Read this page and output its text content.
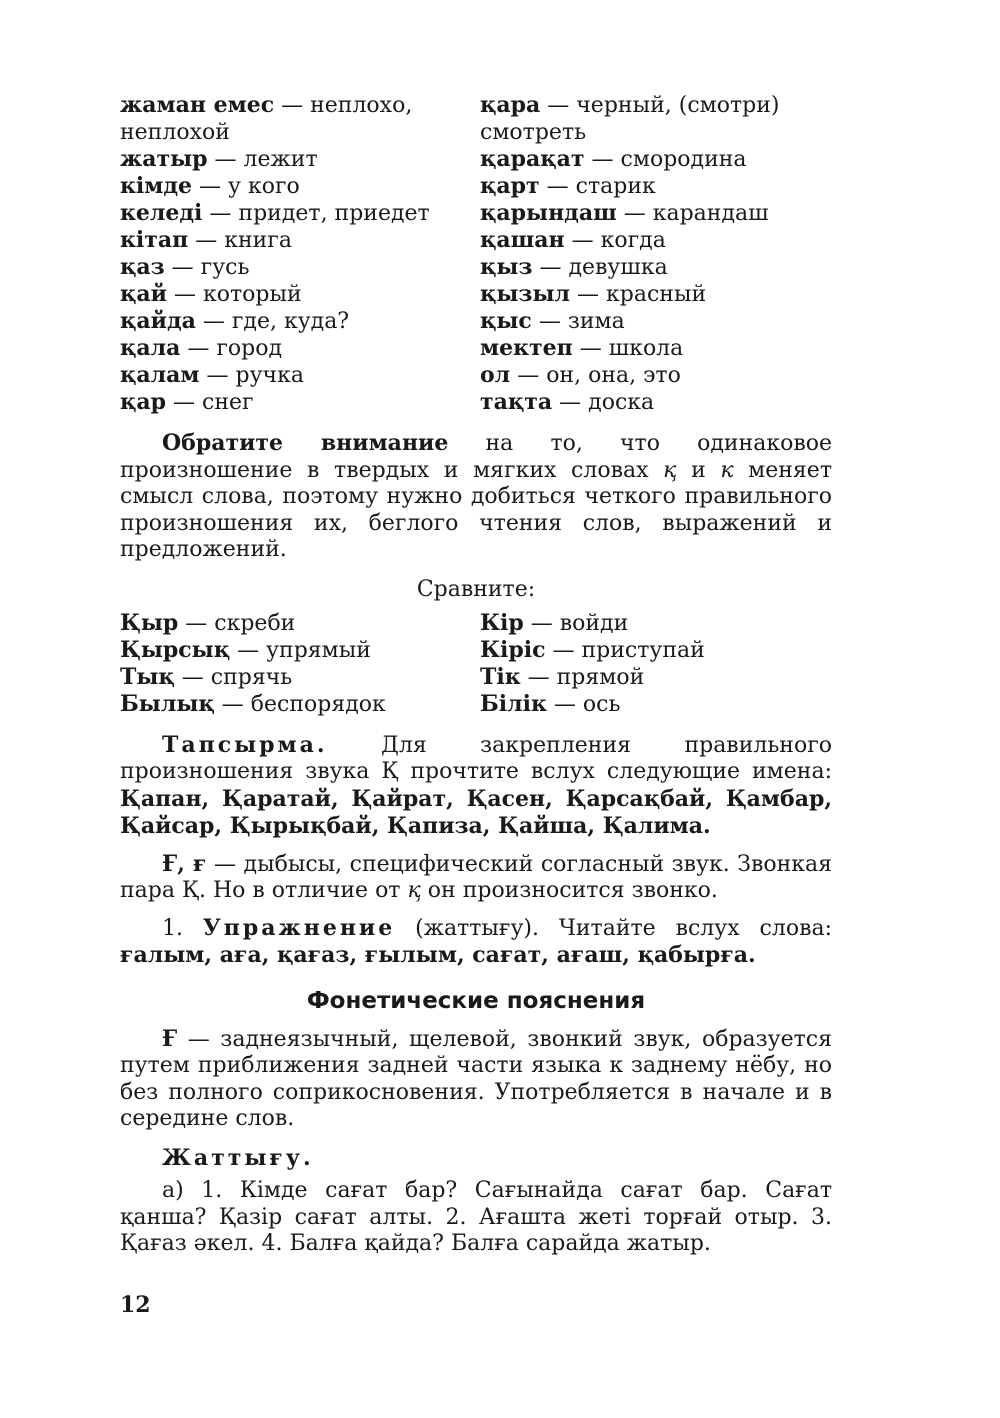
жаман емес — неплохо,
неплохой
жатыр — лежит
кімде — у кого
келеді — придет, приедет
кітап — книга
қаз — гусь
қай — который
қайда — где, куда?
қала — город
қалам — ручка
қар — снег
қара — черный, (смотри)
смотреть
қарақат — смородина
қарт — старик
қарындаш — карандаш
қашан — когда
қыз — девушка
қызыл — красный
қыс — зима
мектеп — школа
ол — он, она, это
тақта — доска

Обратите внимание на то, что одинаковое произношение в твердых и мягких словах қ и к меняет смысл слова, поэтому нужно добиться четкого правильного произношения их, беглого чтения слов, выражений и предложений.

Сравните:

Қыр — скреби
Қырсық — упрямый
Тық — спрячь
Былық — беспорядок
Кір — войди
Кіріс — приступай
Тік — прямой
Білік — ось

Тапсырма. Для закрепления правильного произношения звука Қ прочтите вслух следующие имена: Қапан, Қаратай, Қайрат, Қасен, Қарсақбай, Қамбар, Қайсар, Қырықбай, Қапиза, Қайша, Қалима.

Ғ, ғ — дыбысы, специфический согласный звук. Звонкая пара Қ. Но в отличие от қ он произносится звонко.

1. Упражнение (жаттығу). Читайте вслух слова: ғалым, аға, қағаз, ғылым, сағат, ағаш, қабырға.

Фонетические пояснения

Ғ — заднеязычный, щелевой, звонкий звук, образуется путем приближения задней части языка к заднему нёбу, но без полного соприкосновения. Употребляется в начале и в середине слов.

Жаттығу.

а) 1. Кімде сағат бар? Сағынайда сағат бар. Сағат қанша? Қазір сағат алты. 2. Ағашта жеті торғай отыр. 3. Қағаз әкел. 4. Балға қайда? Балға сарайда жатыр.

12
